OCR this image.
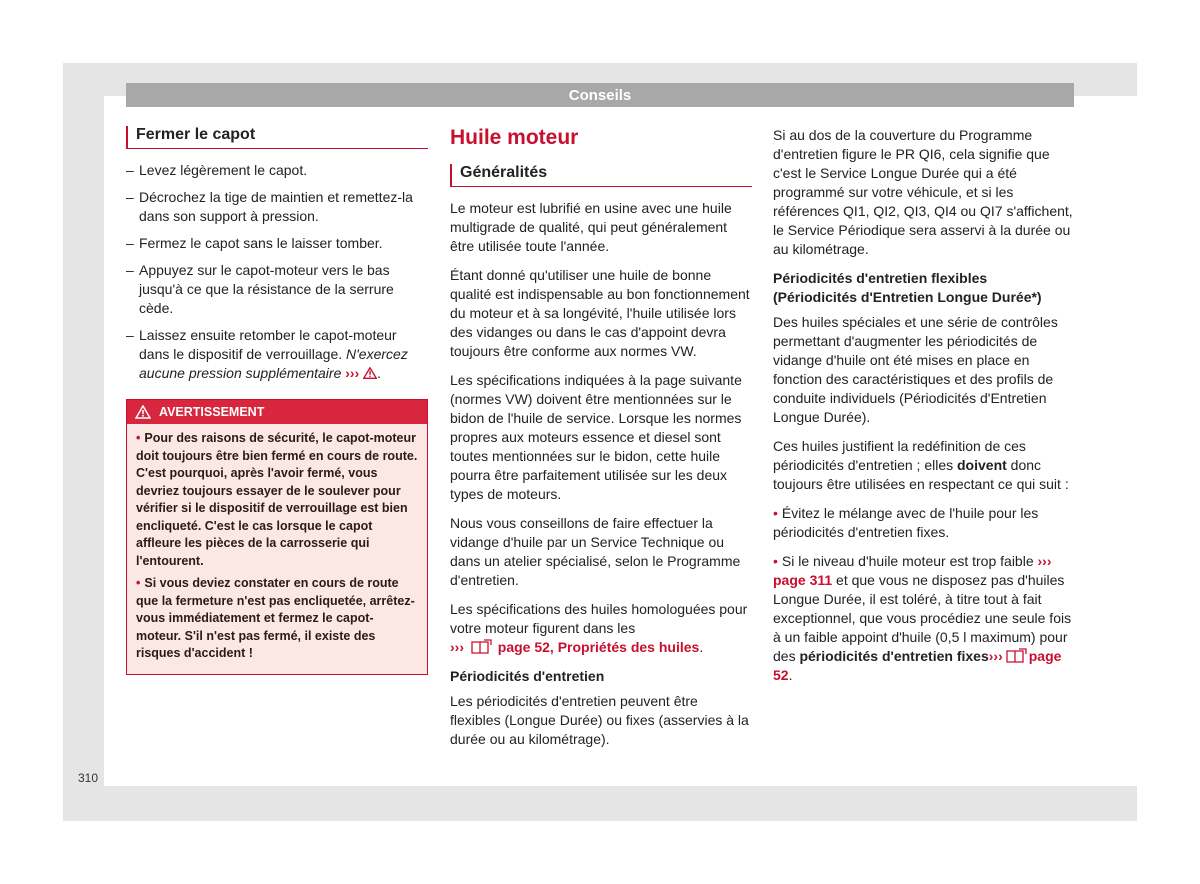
Conseils
Fermer le capot
– Levez légèrement le capot.
– Décrochez la tige de maintien et remettez-la dans son support à pression.
– Fermez le capot sans le laisser tomber.
– Appuyez sur le capot-moteur vers le bas jusqu'à ce que la résistance de la serrure cède.
– Laissez ensuite retomber le capot-moteur dans le dispositif de verrouillage. N'exercez aucune pression supplémentaire ››› .
AVERTISSEMENT

• Pour des raisons de sécurité, le capot-moteur doit toujours être bien fermé en cours de route. C'est pourquoi, après l'avoir fermé, vous devriez toujours essayer de le soulever pour vérifier si le dispositif de verrouillage est bien encliqueté. C'est le cas lorsque le capot affleure les pièces de la carrosserie qui l'entourent.

• Si vous deviez constater en cours de route que la fermeture n'est pas encliquetée, arrêtez-vous immédiatement et fermez le capot-moteur. S'il n'est pas fermé, il existe des risques d'accident !

Huile moteur
Généralités

Le moteur est lubrifié en usine avec une huile multigrade de qualité, qui peut généralement être utilisée toute l'année.

Étant donné qu'utiliser une huile de bonne qualité est indispensable au bon fonctionnement du moteur et à sa longévité, l'huile utilisée lors des vidanges ou dans le cas d'appoint devra toujours être conforme aux normes VW.

Les spécifications indiquées à la page suivante (normes VW) doivent être mentionnées sur le bidon de l'huile de service. Lorsque les normes propres aux moteurs essence et diesel sont toutes mentionnées sur le bidon, cette huile pourra être parfaitement utilisée sur les deux types de moteurs.

Nous vous conseillons de faire effectuer la vidange d'huile par un Service Technique ou dans un atelier spécialisé, selon le Programme d'entretien.

Les spécifications des huiles homologuées pour votre moteur figurent dans les
››› page 52, Propriétés des huiles.

Périodicités d'entretien

Les périodicités d'entretien peuvent être flexibles (Longue Durée) ou fixes (asservies à la durée ou au kilométrage).

Si au dos de la couverture du Programme d'entretien figure le PR QI6, cela signifie que c'est le Service Longue Durée qui a été programmé sur votre véhicule, et si les références QI1, QI2, QI3, QI4 ou QI7 s'affichent, le Service Périodique sera asservi à la durée ou au kilométrage.

Périodicités d'entretien flexibles (Périodicités d'Entretien Longue Durée*)

Des huiles spéciales et une série de contrôles permettant d'augmenter les périodicités de vidange d'huile ont été mises en place en fonction des caractéristiques et des profils de conduite individuels (Périodicités d'Entretien Longue Durée).

Ces huiles justifient la redéfinition de ces périodicités d'entretien ; elles doivent donc toujours être utilisées en respectant ce qui suit :

• Évitez le mélange avec de l'huile pour les périodicités d'entretien fixes.

• Si le niveau d'huile moteur est trop faible ››› page 311 et que vous ne disposez pas d'huiles Longue Durée, il est toléré, à titre tout à fait exceptionnel, que vous procédiez une seule fois à un faible appoint d'huile (0,5 l maximum) pour des périodicités d'entretien fixes››› page 52.

310
